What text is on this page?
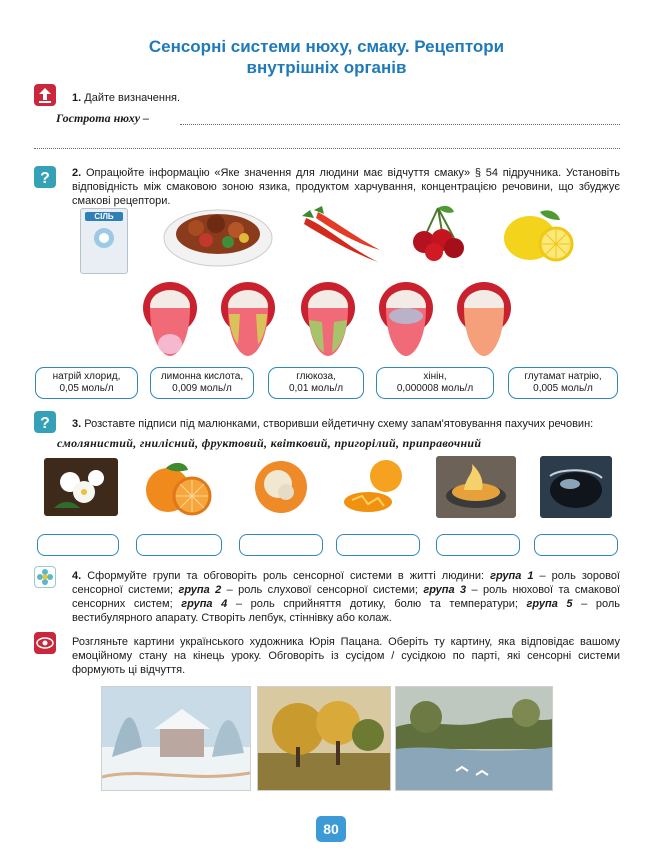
Сенсорні системи нюху, смаку. Рецептори
внутрішніх органів
1. Дайте визначення.
Гострота нюху –
? 2. Опрацюйте інформацію «Яке значення для людини має відчуття смаку» § 54 підручника. Установіть відповідність між смаковою зоною язика, продуктом харчування, концентрацією речовини, що збуджує смакові рецептори.
СІЛЬ
натрій хлорид,
0,05 моль/л
лимонна кислота,
0,009 моль/л
глюкоза,
0,01 моль/л
хінін,
0,000008 моль/л
глутамат натрію,
0,005 моль/л
? 3. Розставте підписи під малюнками, створивши ейдетичну схему запам'ятовування пахучих речовин:
смолянистий, гнилісний, фруктовий, квітковий, пригорілий, приправочний
4. Сформуйте групи та обговоріть роль сенсорної системи в житті людини: група 1 – роль зорової сенсорної системи; група 2 – роль слухової сенсорної системи; група 3 – роль нюхової та смакової сенсорних систем; група 4 – роль сприйняття дотику, болю та температури; група 5 – роль вестибулярного апарату. Створіть лепбук, стіннівку або колаж.
Розгляньте картини українського художника Юрія Пацана. Оберіть ту картину, яка відповідає вашому емоційному стану на кінець уроку. Обговоріть із сусідом / сусідкою по парті, які сенсорні системи формують ці відчуття.
80
